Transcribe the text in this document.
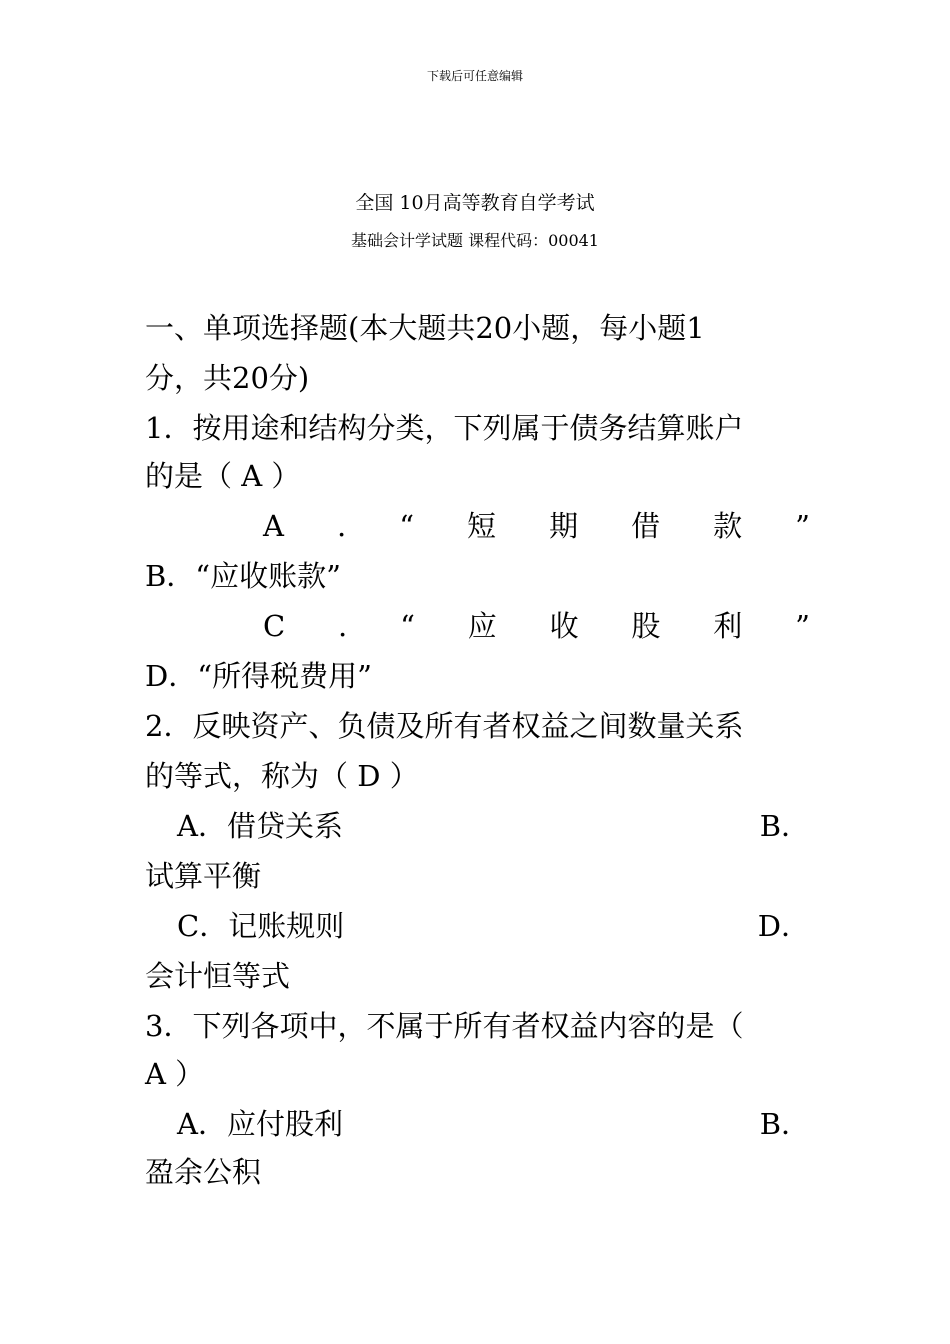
下载后可任意编辑
全国 10月高等教育自学考试
基础会计学试题 课程代码：00041
一、单项选择题(本大题共20小题，每小题1
分，共20分)
1．按用途和结构分类，下列属于债务结算账户
的是（ A ）
A . “ 短 期 借 款 ”
B．“应收账款”
C . “ 应 收 股 利 ”
D．“所得税费用”
2．反映资产、负债及所有者权益之间数量关系
的等式，称为（ D ）
A．借贷关系	B．
试算平衡
C．记账规则	D．
会计恒等式
3．下列各项中，不属于所有者权益内容的是（
A ）
A．应付股利	B．
盈余公积
